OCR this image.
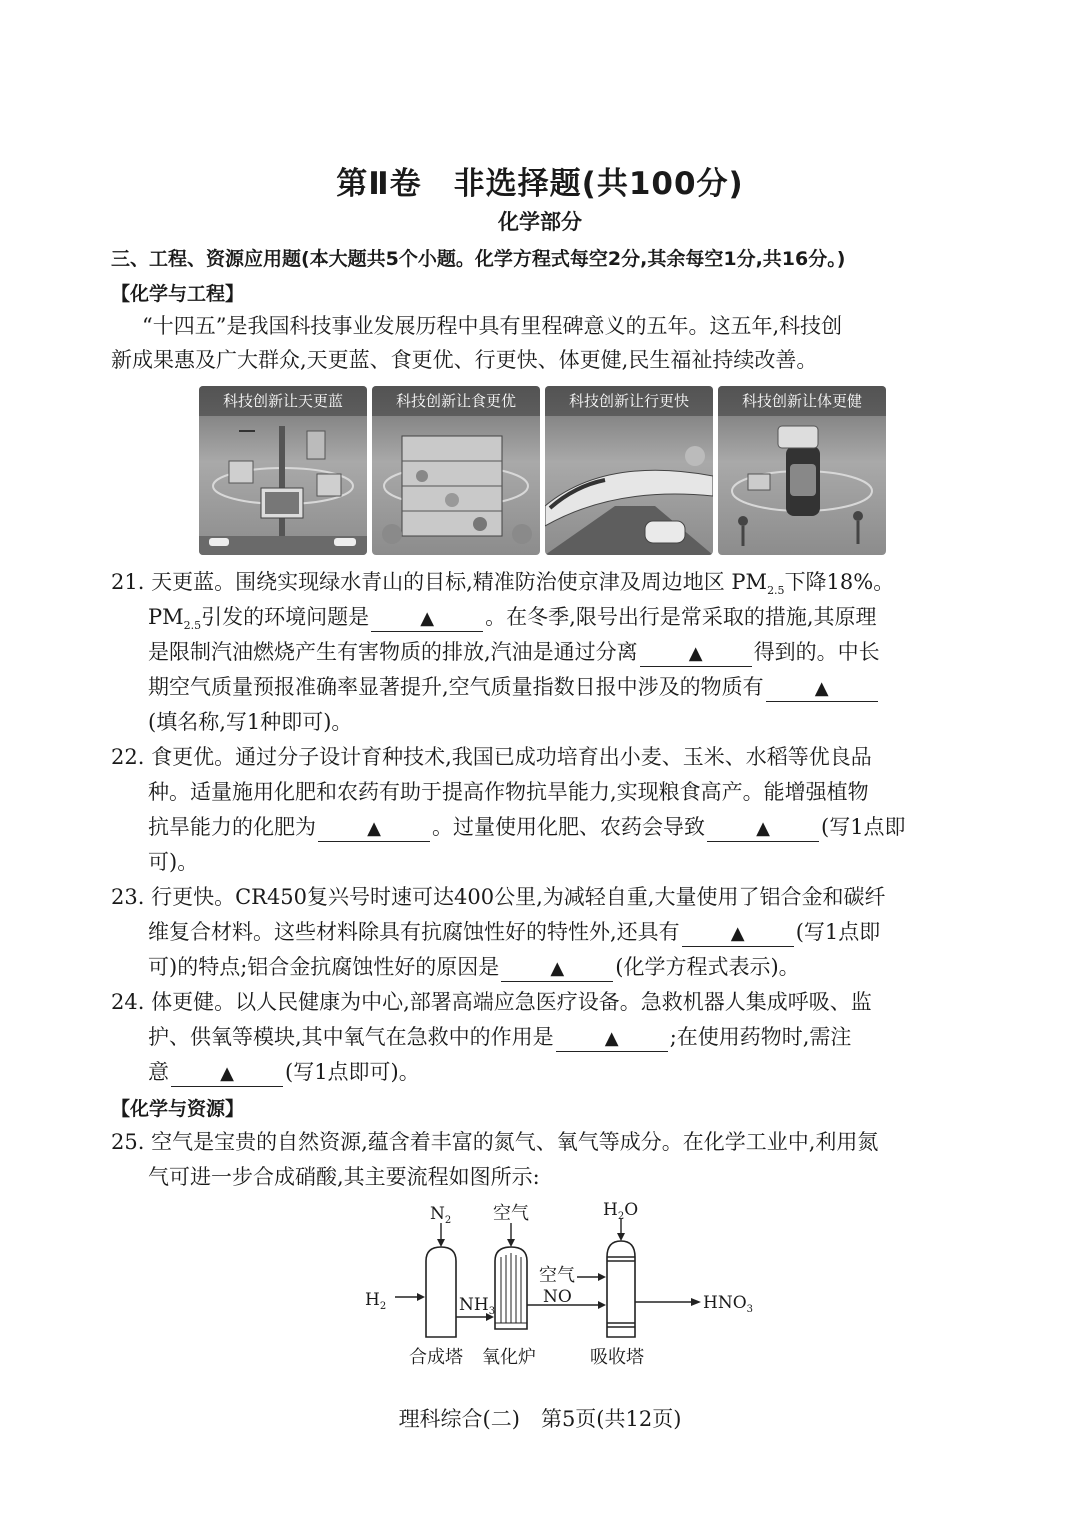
第Ⅱ卷　非选择题(共100分)
化学部分
三、工程、资源应用题(本大题共5个小题。化学方程式每空2分,其余每空1分,共16分。)
【化学与工程】
“十四五”是我国科技事业发展历程中具有里程碑意义的五年。这五年,科技创
新成果惠及广大群众,天更蓝、食更优、行更快、体更健,民生福祉持续改善。
科技创新让天更蓝	科技创新让食更优	科技创新让行更快	科技创新让体更健
21. 天更蓝。围绕实现绿水青山的目标,精准防治使京津及周边地区 $PM_{2.5}$下降18%。
$PM_{2.5}$引发的环境问题是	▲ 。在冬季,限号出行是常采取的措施,其原理
是限制汽油燃烧产生有害物质的排放,汽油是通过分离	▲ 得到的。中长
期空气质量预报准确率显著提升,空气质量指数日报中涉及的物质有	▲
(填名称,写1种即可)。
22. 食更优。通过分子设计育种技术,我国已成功培育出小麦、玉米、水稻等优良品
种。适量施用化肥和农药有助于提高作物抗旱能力,实现粮食高产。能增强植物
抗旱能力的化肥为	▲ 。过量使用化肥、农药会导致	▲ (写1点即
可)。
23. 行更快。CR450复兴号时速可达400公里,为减轻自重,大量使用了铝合金和碳纤
维复合材料。这些材料除具有抗腐蚀性好的特性外,还具有	▲ (写1点即
可)的特点;铝合金抗腐蚀性好的原因是	▲ (化学方程式表示)。
24. 体更健。以人民健康为中心,部署高端应急医疗设备。急救机器人集成呼吸、监
护、供氧等模块,其中氧气在急救中的作用是	▲ ;在使用药物时,需注
意	▲ (写1点即可)。
【化学与资源】
25. 空气是宝贵的自然资源,蕴含着丰富的氮气、氧气等成分。在化学工业中,利用氮
气可进一步合成硝酸,其主要流程如图所示:
$N_2$
$H_2$
空气	$H_2O$
$NH_3$
空气
NO	$HNO_3$
合成塔 氧化炉	吸收塔
理科综合(二)　第5页(共12页)
